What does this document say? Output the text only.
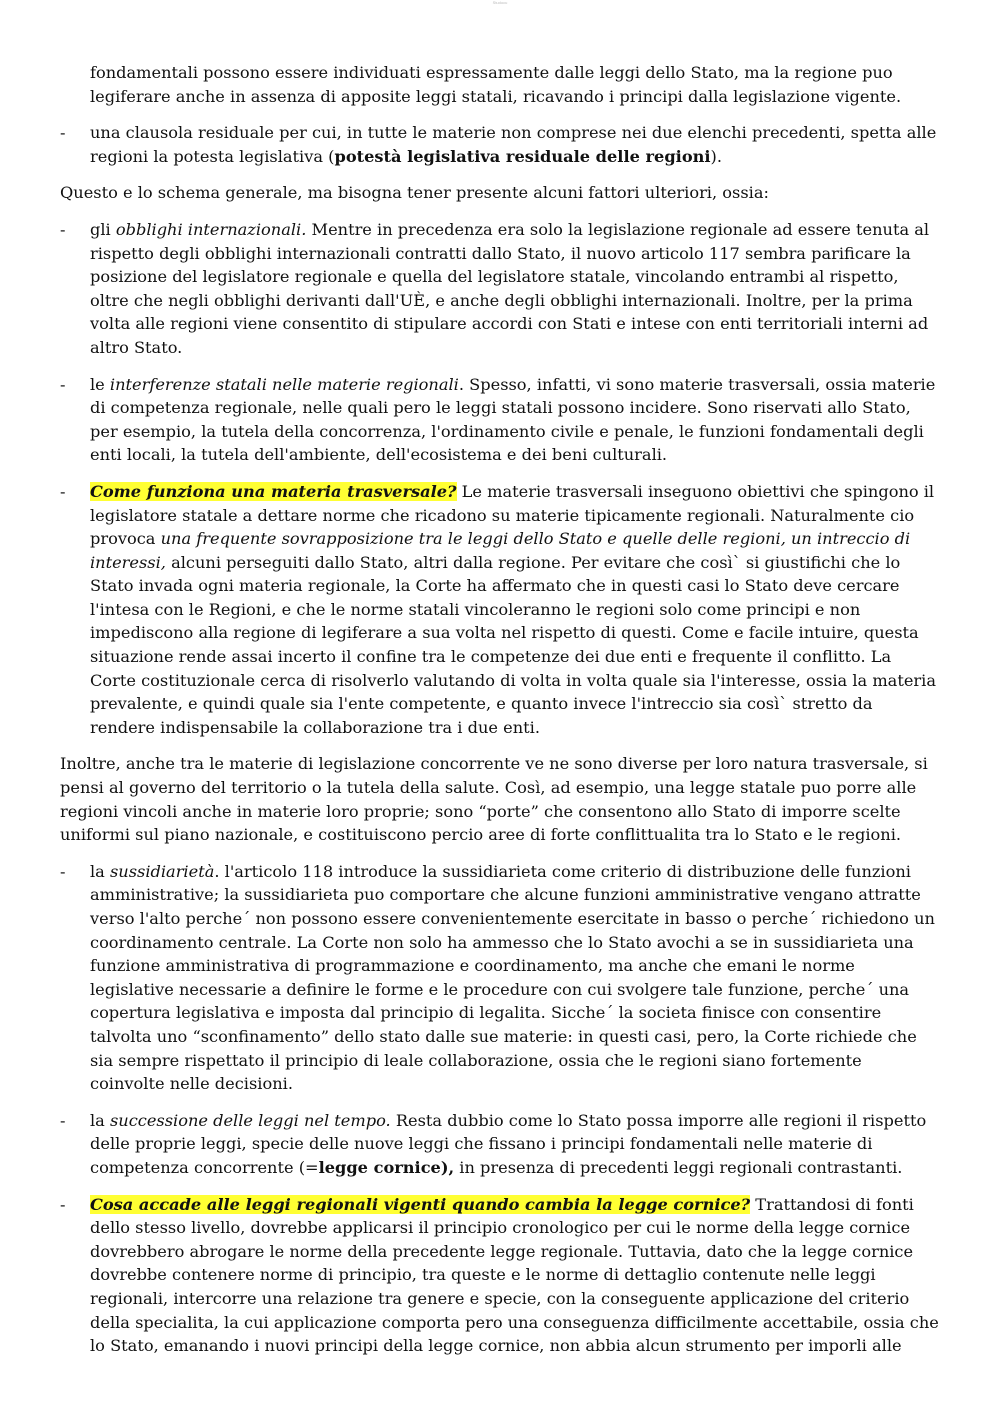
Studocu

fondamentali possono essere individuati espressamente dalle leggi dello Stato, ma la regione puo legiferare anche in assenza di apposite leggi statali, ricavando i principi dalla legislazione vigente.

- una clausola residuale per cui, in tutte le materie non comprese nei due elenchi precedenti, spetta alle regioni la potesta legislativa (potestà legislativa residuale delle regioni).

Questo e lo schema generale, ma bisogna tener presente alcuni fattori ulteriori, ossia:

- gli obblighi internazionali. Mentre in precedenza era solo la legislazione regionale ad essere tenuta al rispetto degli obblighi internazionali contratti dallo Stato, il nuovo articolo 117 sembra parificare la posizione del legislatore regionale e quella del legislatore statale, vincolando entrambi al rispetto, oltre che negli obblighi derivanti dall'UÈ, e anche degli obblighi internazionali. Inoltre, per la prima volta alle regioni viene consentito di stipulare accordi con Stati e intese con enti territoriali interni ad altro Stato.
- le interferenze statali nelle materie regionali. Spesso, infatti, vi sono materie trasversali, ossia materie di competenza regionale, nelle quali pero le leggi statali possono incidere. Sono riservati allo Stato, per esempio, la tutela della concorrenza, l'ordinamento civile e penale, le funzioni fondamentali degli enti locali, la tutela dell'ambiente, dell'ecosistema e dei beni culturali.
- Come funziona una materia trasversale? Le materie trasversali inseguono obiettivi che spingono il legislatore statale a dettare norme che ricadono su materie tipicamente regionali. Naturalmente cio provoca una frequente sovrapposizione tra le leggi dello Stato e quelle delle regioni, un intreccio di interessi, alcuni perseguiti dallo Stato, altri dalla regione. Per evitare che così` si giustifichi che lo Stato invada ogni materia regionale, la Corte ha affermato che in questi casi lo Stato deve cercare l'intesa con le Regioni, e che le norme statali vincoleranno le regioni solo come principi e non impediscono alla regione di legiferare a sua volta nel rispetto di questi. Come e facile intuire, questa situazione rende assai incerto il confine tra le competenze dei due enti e frequente il conflitto. La Corte costituzionale cerca di risolverlo valutando di volta in volta quale sia l'interesse, ossia la materia prevalente, e quindi quale sia l'ente competente, e quanto invece l'intreccio sia così` stretto da rendere indispensabile la collaborazione tra i due enti.

Inoltre, anche tra le materie di legislazione concorrente ve ne sono diverse per loro natura trasversale, si pensi al governo del territorio o la tutela della salute. Così, ad esempio, una legge statale puo porre alle regioni vincoli anche in materie loro proprie; sono “porte” che consentono allo Stato di imporre scelte uniformi sul piano nazionale, e costituiscono percio aree di forte conflittualita tra lo Stato e le regioni.

- la sussidiarietà. l'articolo 118 introduce la sussidiarieta come criterio di distribuzione delle funzioni amministrative; la sussidiarieta puo comportare che alcune funzioni amministrative vengano attratte verso l'alto perche´ non possono essere convenientemente esercitate in basso o perche´ richiedono un coordinamento centrale. La Corte non solo ha ammesso che lo Stato avochi a se in sussidiarieta una funzione amministrativa di programmazione e coordinamento, ma anche che emani le norme legislative necessarie a definire le forme e le procedure con cui svolgere tale funzione, perche´ una copertura legislativa e imposta dal principio di legalita. Sicche´ la societa finisce con consentire talvolta uno “sconfinamento” dello stato dalle sue materie: in questi casi, pero, la Corte richiede che sia sempre rispettato il principio di leale collaborazione, ossia che le regioni siano fortemente coinvolte nelle decisioni.
- la successione delle leggi nel tempo. Resta dubbio come lo Stato possa imporre alle regioni il rispetto delle proprie leggi, specie delle nuove leggi che fissano i principi fondamentali nelle materie di competenza concorrente (=legge cornice), in presenza di precedenti leggi regionali contrastanti.
- Cosa accade alle leggi regionali vigenti quando cambia la legge cornice? Trattandosi di fonti dello stesso livello, dovrebbe applicarsi il principio cronologico per cui le norme della legge cornice dovrebbero abrogare le norme della precedente legge regionale. Tuttavia, dato che la legge cornice dovrebbe contenere norme di principio, tra queste e le norme di dettaglio contenute nelle leggi regionali, intercorre una relazione tra genere e specie, con la conseguente applicazione del criterio della specialita, la cui applicazione comporta pero una conseguenza difficilmente accettabile, ossia che lo Stato, emanando i nuovi principi della legge cornice, non abbia alcun strumento per imporli alle
